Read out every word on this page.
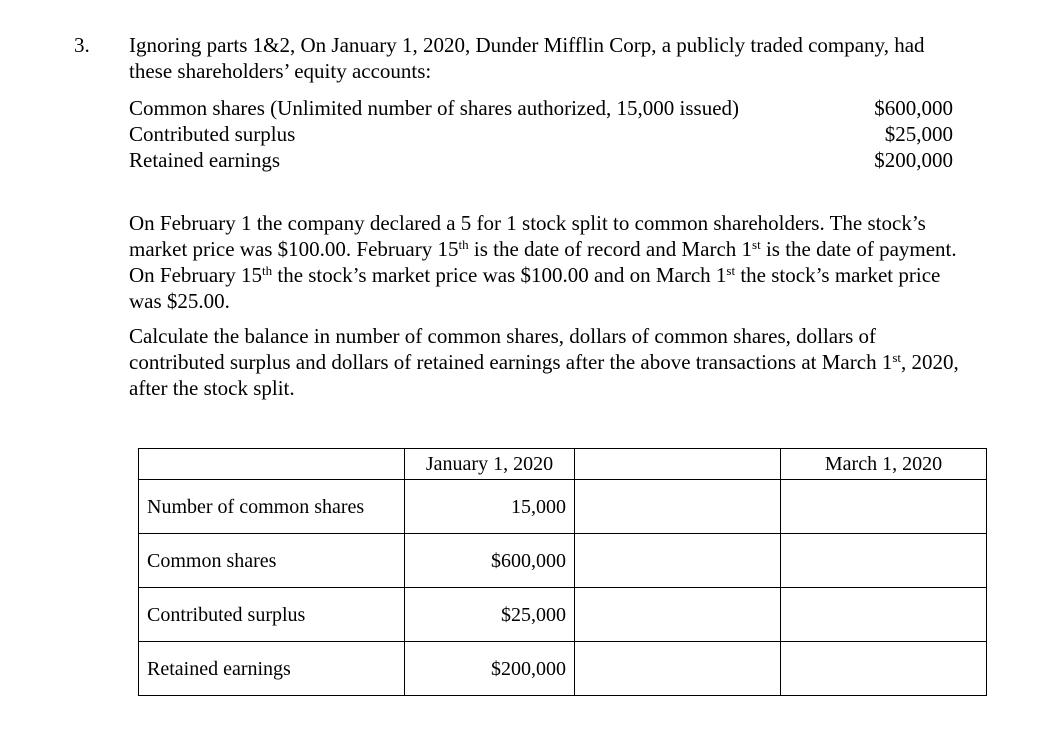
3. Ignoring parts 1&2, On January 1, 2020, Dunder Mifflin Corp, a publicly traded company, had these shareholders’ equity accounts:

Common shares (Unlimited number of shares authorized, 15,000 issued)	$600,000
Contributed surplus	$25,000
Retained earnings	$200,000

On February 1 the company declared a 5 for 1 stock split to common shareholders. The stock’s market price was $100.00. February 15th is the date of record and March 1st is the date of payment. On February 15th the stock’s market price was $100.00 and on March 1st the stock’s market price was $25.00.

Calculate the balance in number of common shares, dollars of common shares, dollars of contributed surplus and dollars of retained earnings after the above transactions at March 1st, 2020, after the stock split.

	January 1, 2020		March 1, 2020
Number of common shares	15,000		
Common shares	$600,000		
Contributed surplus	$25,000		
Retained earnings	$200,000		
